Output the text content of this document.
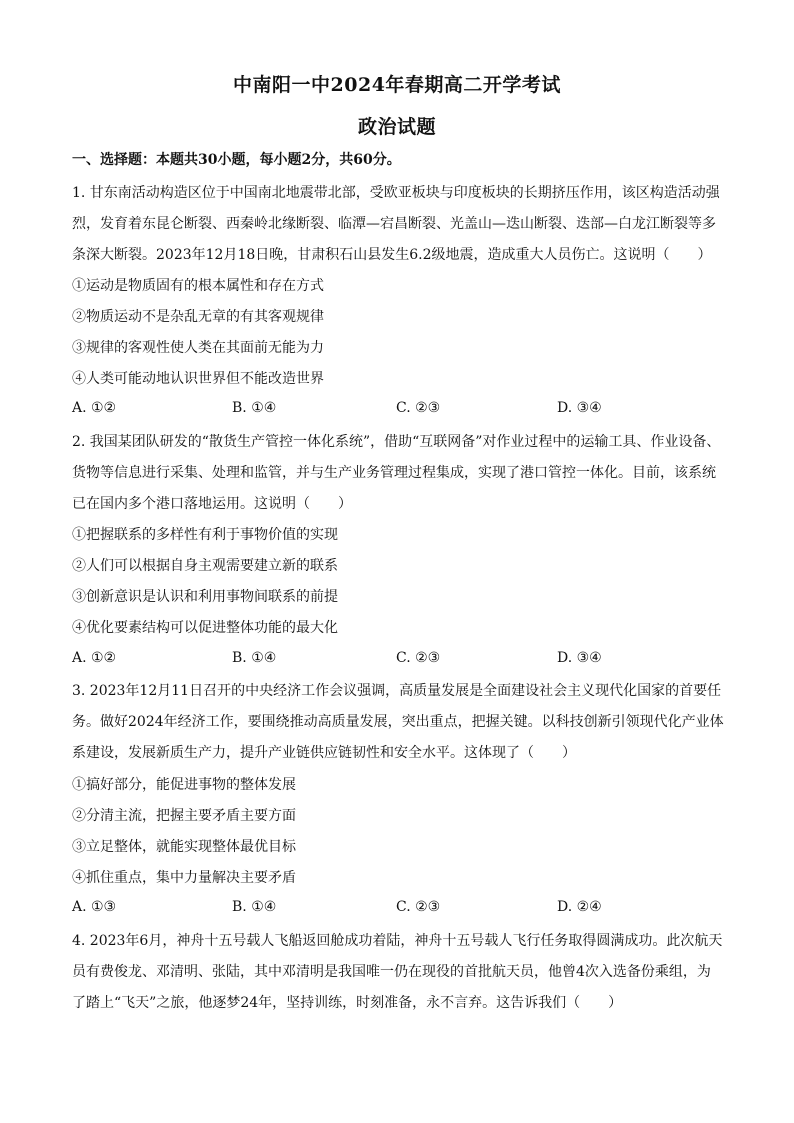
中南阳一中2024年春期高二开学考试
政治试题
一、选择题：本题共30小题，每小题2分，共60分。
1. 甘东南活动构造区位于中国南北地震带北部，受欧亚板块与印度板块的长期挤压作用，该区构造活动强
烈，发育着东昆仑断裂、西秦岭北缘断裂、临潭—宕昌断裂、光盖山—迭山断裂、迭部—白龙江断裂等多
条深大断裂。2023年12月18日晚，甘肃积石山县发生6.2级地震，造成重大人员伤亡。这说明（　　）
①运动是物质固有的根本属性和存在方式
②物质运动不是杂乱无章的有其客观规律
③规律的客观性使人类在其面前无能为力
④人类可能动地认识世界但不能改造世界
A. ①②	B. ①④	C. ②③	D. ③④
2. 我国某团队研发的“散货生产管控一体化系统”，借助“互联网备”对作业过程中的运输工具、作业设备、
货物等信息进行采集、处理和监管，并与生产业务管理过程集成，实现了港口管控一体化。目前，该系统
已在国内多个港口落地运用。这说明（　　）
①把握联系的多样性有利于事物价值的实现
②人们可以根据自身主观需要建立新的联系
③创新意识是认识和利用事物间联系的前提
④优化要素结构可以促进整体功能的最大化
A. ①②	B. ①④	C. ②③	D. ③④
3. 2023年12月11日召开的中央经济工作会议强调，高质量发展是全面建设社会主义现代化国家的首要任
务。做好2024年经济工作，要围绕推动高质量发展，突出重点，把握关键。以科技创新引领现代化产业体
系建设，发展新质生产力，提升产业链供应链韧性和安全水平。这体现了（　　）
①搞好部分，能促进事物的整体发展
②分清主流，把握主要矛盾主要方面
③立足整体，就能实现整体最优目标
④抓住重点，集中力量解决主要矛盾
A. ①③	B. ①④	C. ②③	D. ②④
4. 2023年6月，神舟十五号载人飞船返回舱成功着陆，神舟十五号载人飞行任务取得圆满成功。此次航天
员有费俊龙、邓清明、张陆，其中邓清明是我国唯一仍在现役的首批航天员，他曾4次入选备份乘组，为
了踏上“飞天”之旅，他逐梦24年，坚持训练，时刻准备，永不言弃。这告诉我们（　　）
